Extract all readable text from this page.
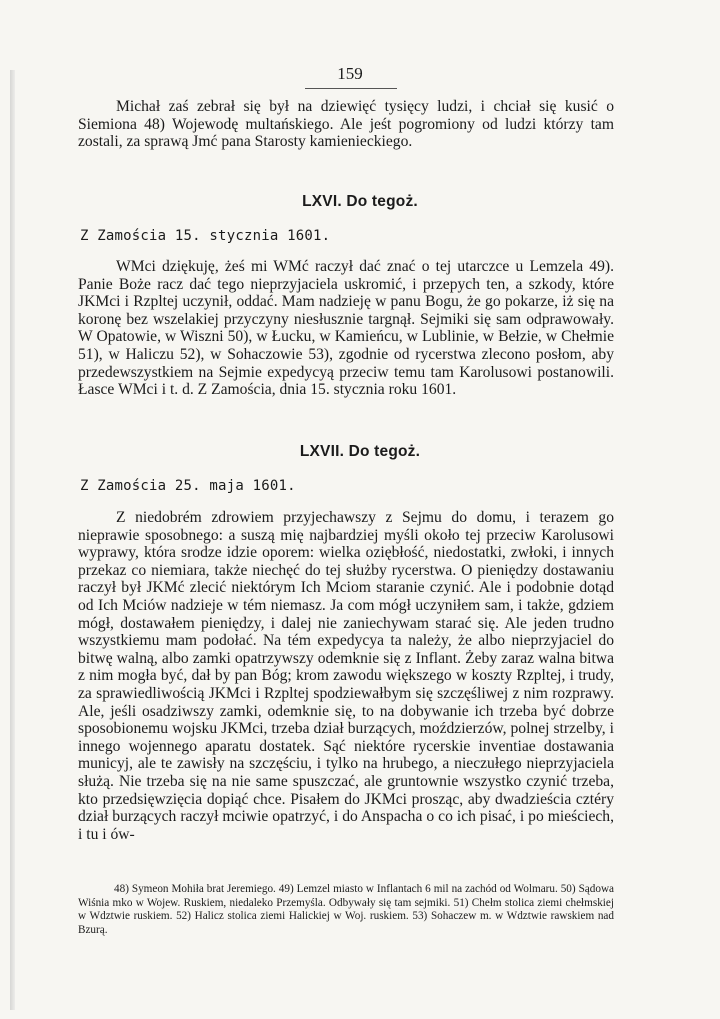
159

Michał zaś zebrał się był na dziewięć tysięcy ludzi, i chciał się kusić o Siemiona 48) Wojewodę multańskiego. Ale jeśt pogromiony od ludzi którzy tam zostali, za sprawą Jmć pana Starosty kamienieckiego.

LXVI. Do tegoż.
Z Zamościa 15. stycznia 1601.

WMci dziękuję, żeś mi WMć raczył dać znać o tej utarczce u Lemzela 49). Panie Boże racz dać tego nieprzyjaciela uskromić, i przepych ten, a szkody, które JKMci i Rzpltej uczynił, oddać. Mam nadzieję w panu Bogu, że go pokarze, iż się na koronę bez wszelakiej przyczyny niesłusznie targnął. Sejmiki się sam odprawowały. W Opatowie, w Wiszni 50), w Łucku, w Kamieńcu, w Lublinie, w Bełzie, w Chełmie 51), w Haliczu 52), w Sohaczowie 53), zgodnie od rycerstwa zlecono posłom, aby przedewszystkiem na Sejmie expedycyą przeciw temu tam Karolusowi postanowili. Łasce WMci i t. d. Z Zamościa, dnia 15. stycznia roku 1601.

LXVII. Do tegoż.
Z Zamościa 25. maja 1601.

Z niedobrém zdrowiem przyjechawszy z Sejmu do domu, i terazem go nieprawie sposobnego: a suszą mię najbardziej myśli około tej przeciw Karolusowi wyprawy, która srodze idzie oporem: wielka oziębłość, niedostatki, zwłoki, i innych przekaz co niemiara, także niechęć do tej służby rycerstwa. O pieniędzy dostawaniu raczył był JKMć zlecić niektórym Ich Mciom staranie czynić. Ale i podobnie dotąd od Ich Mciów nadzieje w tém niemasz. Ja com mógł uczyniłem sam, i także, gdziem mógł, dostawałem pieniędzy, i dalej nie zaniechywam starać się. Ale jeden trudno wszystkiemu mam podołać. Na tém expedycya ta należy, że albo nieprzyjaciel do bitwę walną, albo zamki opatrzywszy odemknie się z Inflant. Żeby zaraz walna bitwa z nim mogła być, dał by pan Bóg; krom zawodu większego w koszty Rzpltej, i trudy, za sprawiedliwością JKMci i Rzpltej spodziewałbym się szczęśliwej z nim rozprawy. Ale, jeśli osadziwszy zamki, odemknie się, to na dobywanie ich trzeba być dobrze sposobionemu wojsku JKMci, trzeba dział burzących, moździerzów, polnej strzelby, i innego wojennego aparatu dostatek. Sąć niektóre rycerskie inventiae dostawania municyj, ale te zawisły na szczęściu, i tylko na hrubego, a nieczułego nieprzyjaciela służą. Nie trzeba się na nie same spuszczać, ale gruntownie wszystko czynić trzeba, kto przedsięwzięcia dopiąć chce. Pisałem do JKMci prosząc, aby dwadzieścia cztéry dział burzących raczył mciwie opatrzyć, i do Anspacha o co ich pisać, i po mieściech, i tu i ów-

48) Symeon Mohiła brat Jeremiego. 49) Lemzel miasto w Inflantach 6 mil na zachód od Wolmaru. 50) Sądowa Wiśnia mko w Wojew. Ruskiem, niedaleko Przemyśla. Odbywały się tam sejmiki. 51) Chełm stolica ziemi chełmskiej w Wdztwie ruskiem. 52) Halicz stolica ziemi Halickiej w Woj. ruskiem. 53) Sohaczew m. w Wdztwie rawskiem nad Bzurą.
